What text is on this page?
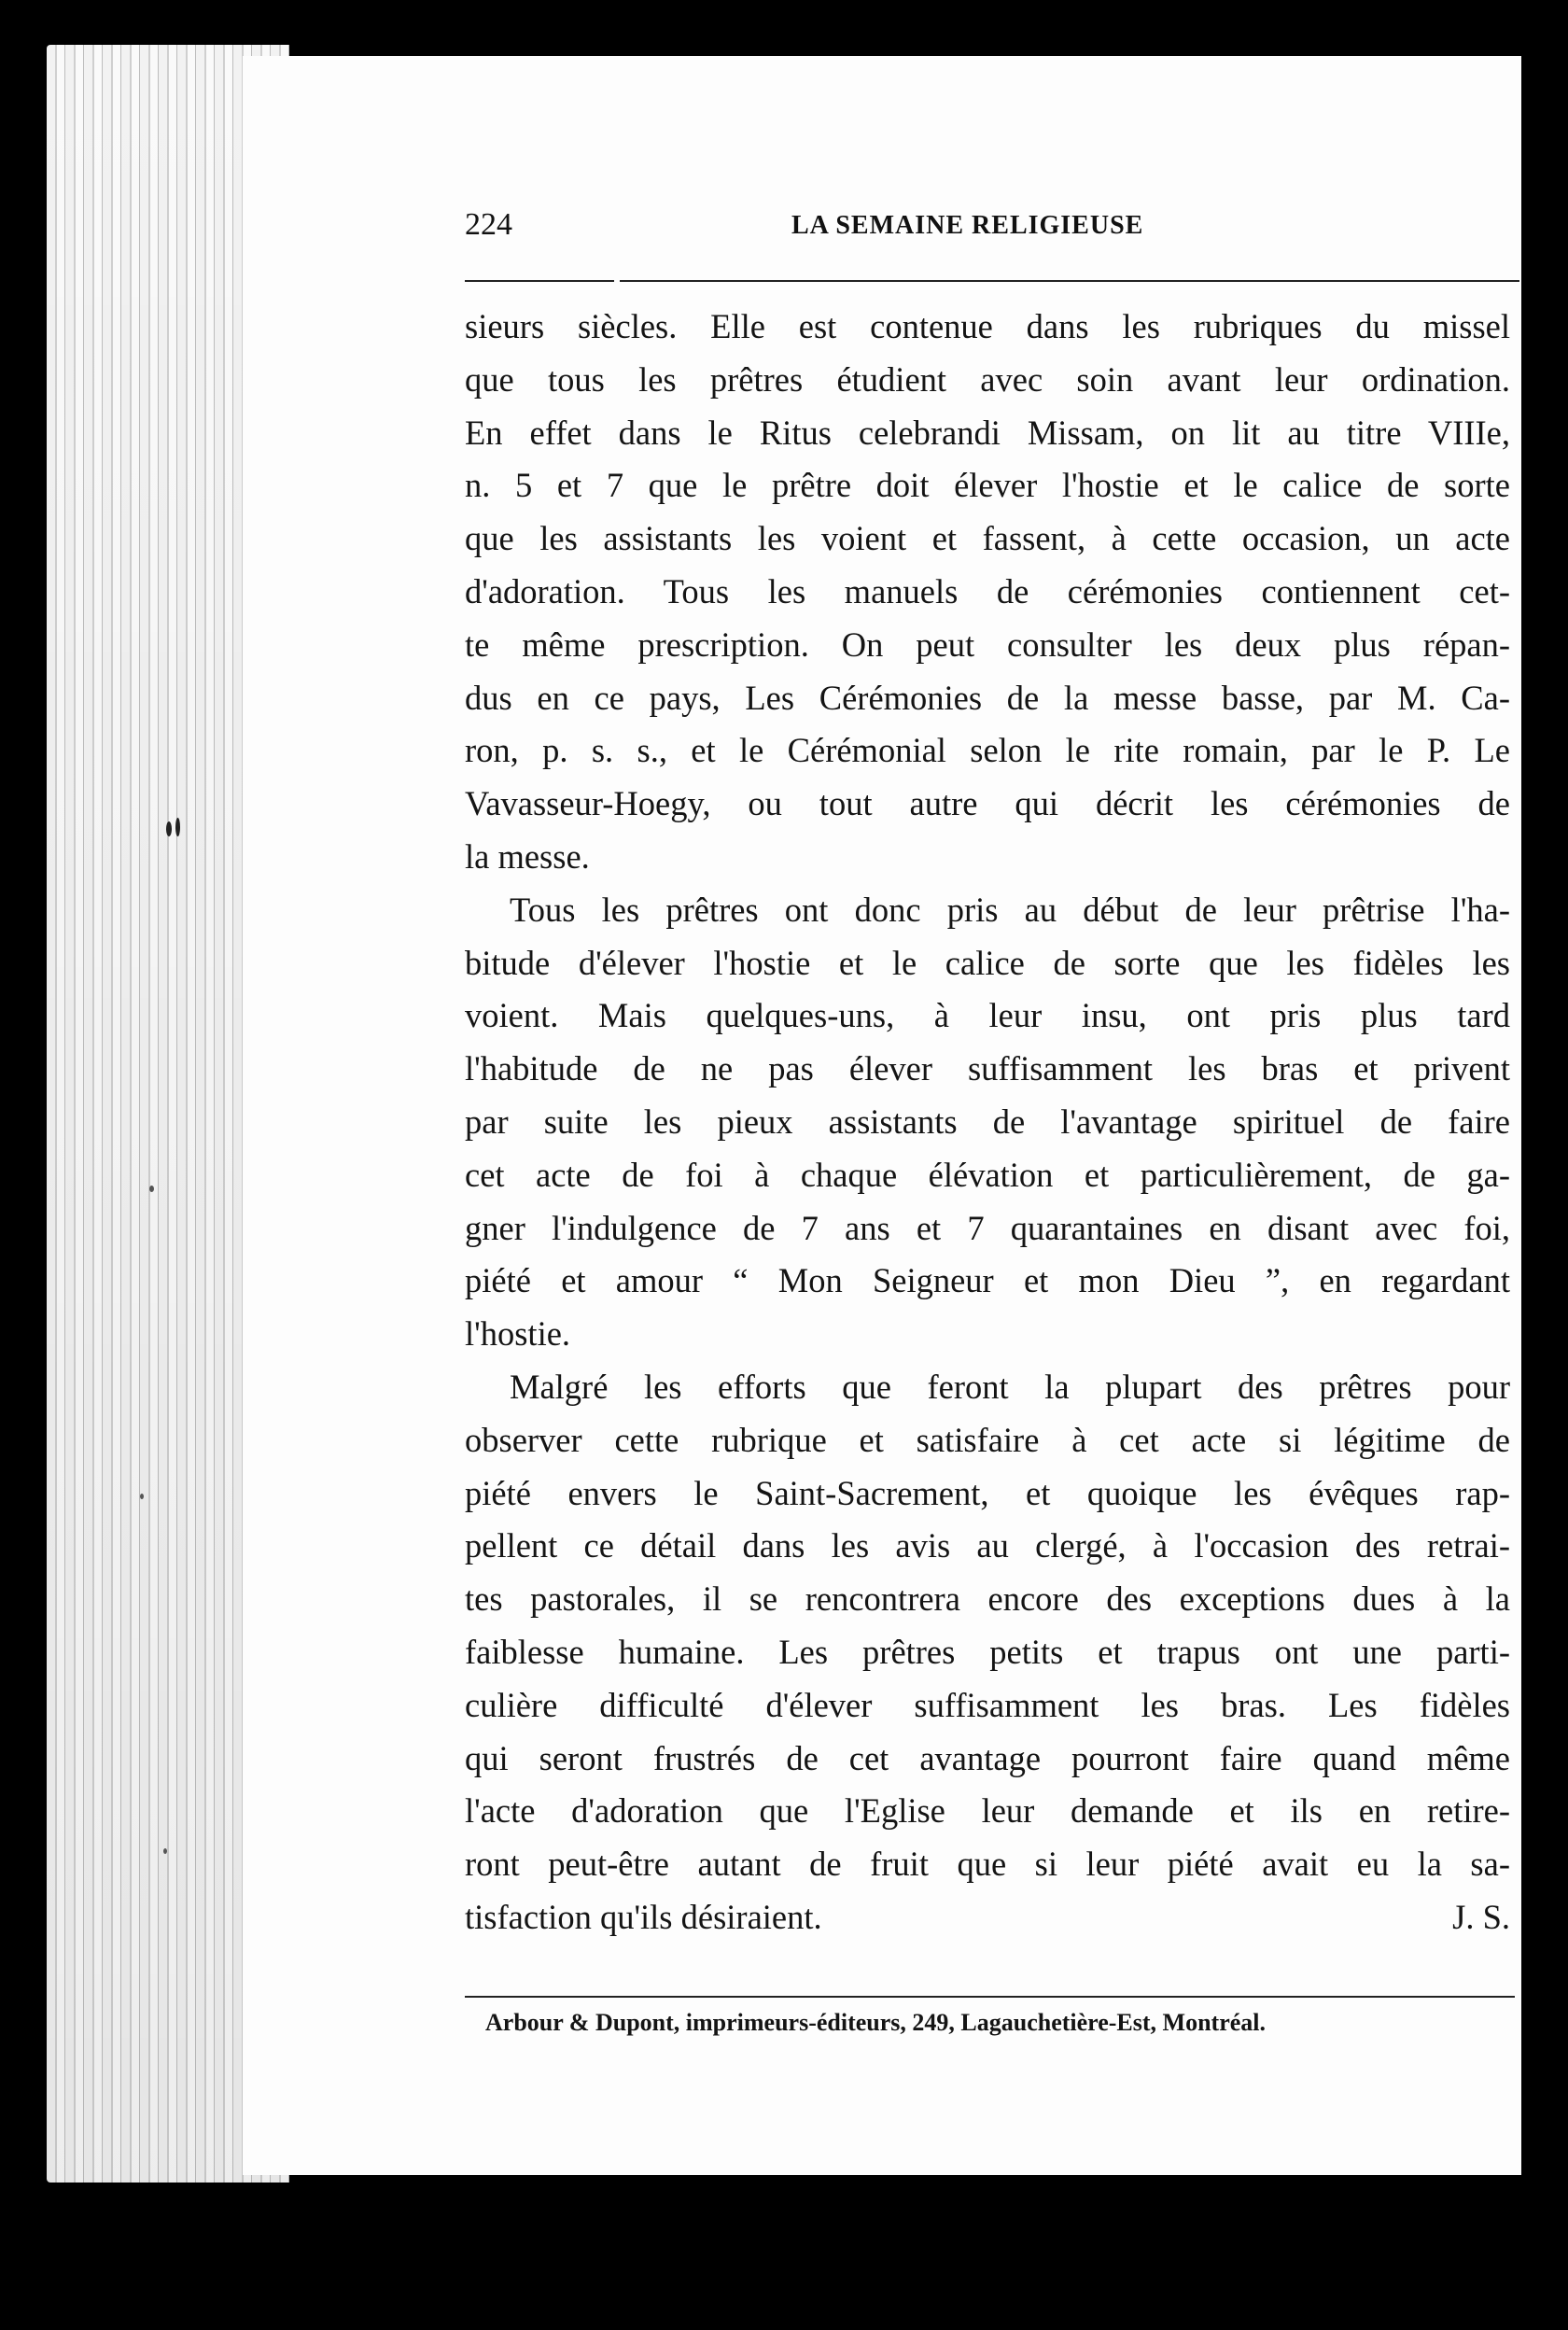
224	LA SEMAINE RELIGIEUSE
sieurs siècles. Elle est contenue dans les rubriques du missel
que tous les prêtres étudient avec soin avant leur ordination.
En effet dans le Ritus celebrandi Missam, on lit au titre VIIIe,
n. 5 et 7 que le prêtre doit élever l'hostie et le calice de sorte
que les assistants les voient et fassent, à cette occasion, un acte
d'adoration. Tous les manuels de cérémonies contiennent cet-
te même prescription. On peut consulter les deux plus répan-
dus en ce pays, Les Cérémonies de la messe basse, par M. Ca-
ron, p. s. s., et le Cérémonial selon le rite romain, par le P. Le
Vavasseur-Hoegy, ou tout autre qui décrit les cérémonies de
la messe.
Tous les prêtres ont donc pris au début de leur prêtrise l'ha-
bitude d'élever l'hostie et le calice de sorte que les fidèles les
voient. Mais quelques-uns, à leur insu, ont pris plus tard
l'habitude de ne pas élever suffisamment les bras et privent
par suite les pieux assistants de l'avantage spirituel de faire
cet acte de foi à chaque élévation et particulièrement, de ga-
gner l'indulgence de 7 ans et 7 quarantaines en disant avec foi,
piété et amour “ Mon Seigneur et mon Dieu ”, en regardant
l'hostie.
Malgré les efforts que feront la plupart des prêtres pour
observer cette rubrique et satisfaire à cet acte si légitime de
piété envers le Saint-Sacrement, et quoique les évêques rap-
pellent ce détail dans les avis au clergé, à l'occasion des retrai-
tes pastorales, il se rencontrera encore des exceptions dues à la
faiblesse humaine. Les prêtres petits et trapus ont une parti-
culière difficulté d'élever suffisamment les bras. Les fidèles
qui seront frustrés de cet avantage pourront faire quand même
l'acte d'adoration que l'Eglise leur demande et ils en retire-
ront peut-être autant de fruit que si leur piété avait eu la sa-
tisfaction qu'ils désiraient.	J. S.
Arbour & Dupont, imprimeurs-éditeurs, 249, Lagauchetière-Est, Montréal.
